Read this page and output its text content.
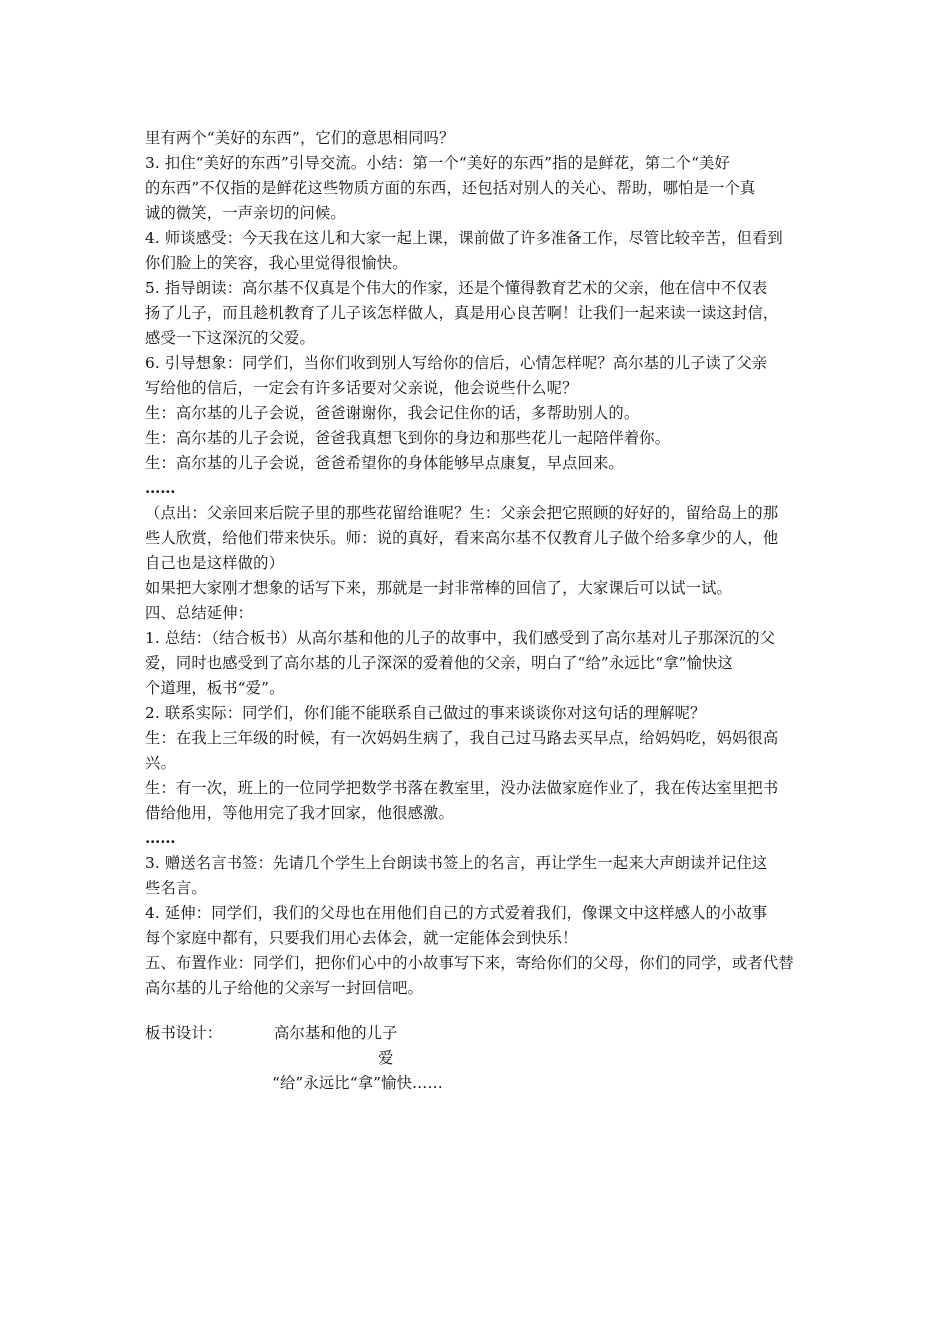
里有两个“美好的东西”，它们的意思相同吗？
3. 扣住“美好的东西”引导交流。小结：第一个“美好的东西”指的是鲜花，第二个“美好
的东西”不仅指的是鲜花这些物质方面的东西，还包括对别人的关心、帮助，哪怕是一个真
诚的微笑，一声亲切的问候。
4. 师谈感受：今天我在这儿和大家一起上课，课前做了许多准备工作，尽管比较辛苦，但看到
你们脸上的笑容，我心里觉得很愉快。
5. 指导朗读：高尔基不仅真是个伟大的作家，还是个懂得教育艺术的父亲，他在信中不仅表
扬了儿子，而且趁机教育了儿子该怎样做人，真是用心良苦啊！让我们一起来读一读这封信，
感受一下这深沉的父爱。
6. 引导想象：同学们，当你们收到别人写给你的信后，心情怎样呢？高尔基的儿子读了父亲
写给他的信后，一定会有许多话要对父亲说，他会说些什么呢？
生：高尔基的儿子会说，爸爸谢谢你，我会记住你的话，多帮助别人的。
生：高尔基的儿子会说，爸爸我真想飞到你的身边和那些花儿一起陪伴着你。
生：高尔基的儿子会说，爸爸希望你的身体能够早点康复，早点回来。
……
（点出：父亲回来后院子里的那些花留给谁呢？生：父亲会把它照顾的好好的，留给岛上的那
些人欣赏，给他们带来快乐。师：说的真好，看来高尔基不仅教育儿子做个给多拿少的人，他
自己也是这样做的）
如果把大家刚才想象的话写下来，那就是一封非常棒的回信了，大家课后可以试一试。
四、总结延伸：
1. 总结：（结合板书）从高尔基和他的儿子的故事中，我们感受到了高尔基对儿子那深沉的父
爱，同时也感受到了高尔基的儿子深深的爱着他的父亲，明白了“给”永远比“拿”愉快这
个道理，板书“爱”。
2. 联系实际：同学们，你们能不能联系自己做过的事来谈谈你对这句话的理解呢？
生：在我上三年级的时候，有一次妈妈生病了，我自己过马路去买早点，给妈妈吃，妈妈很高
兴。
生：有一次，班上的一位同学把数学书落在教室里，没办法做家庭作业了，我在传达室里把书
借给他用，等他用完了我才回家，他很感激。
……
3. 赠送名言书签：先请几个学生上台朗读书签上的名言，再让学生一起来大声朗读并记住这
些名言。
4. 延伸：同学们，我们的父母也在用他们自己的方式爱着我们，像课文中这样感人的小故事
每个家庭中都有，只要我们用心去体会，就一定能体会到快乐！
五、布置作业：同学们，把你们心中的小故事写下来，寄给你们的父母，你们的同学，或者代替
高尔基的儿子给他的父亲写一封回信吧。
板书设计：	高尔基和他的儿子
爱
“给”永远比“拿”愉快……
